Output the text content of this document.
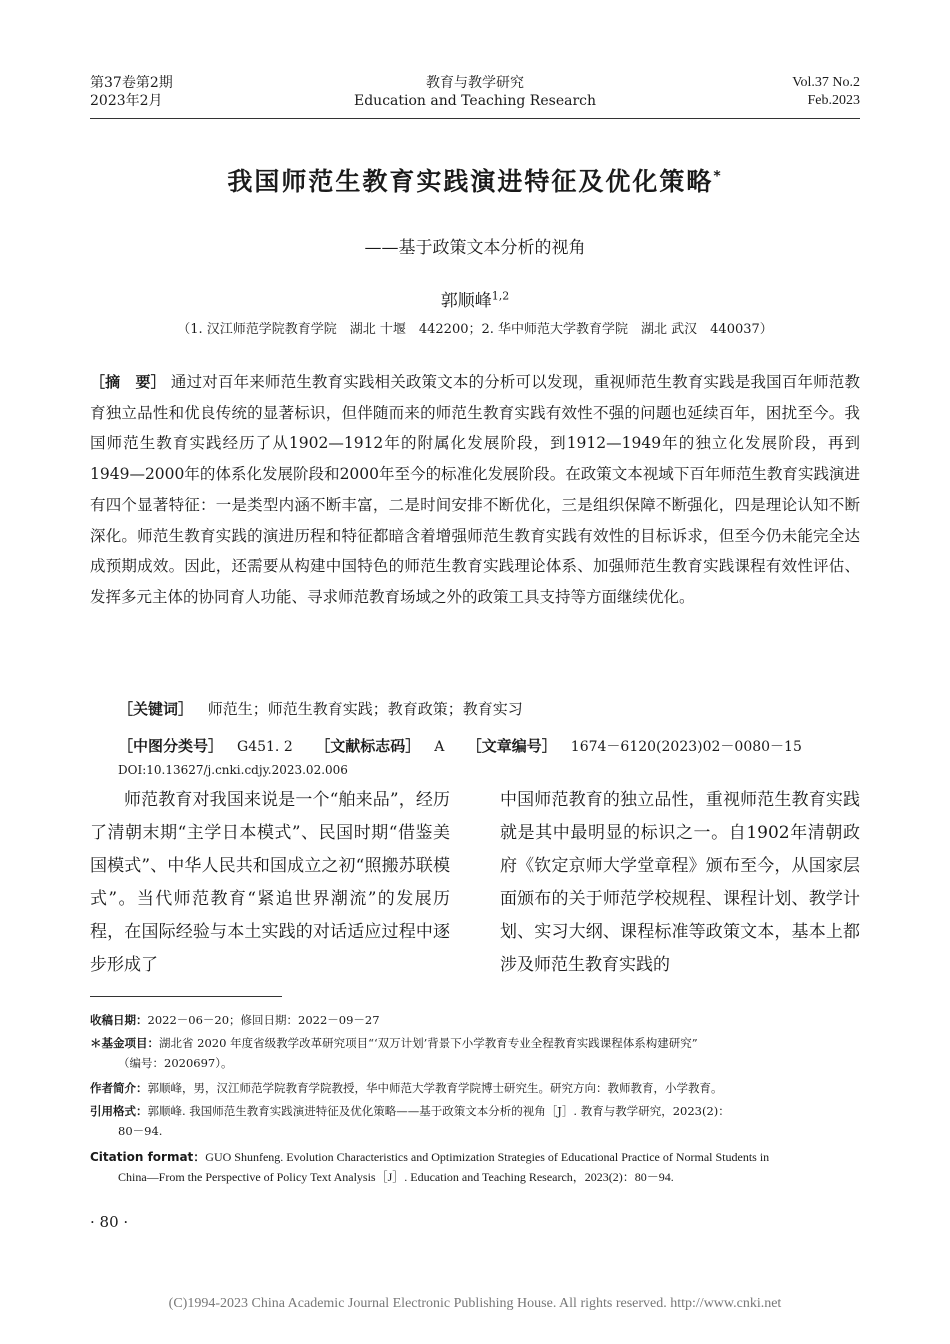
第37卷第2期
2023年2月
教育与教学研究
Education and Teaching Research
Vol.37 No.2
Feb.2023
我国师范生教育实践演进特征及优化策略*
——基于政策文本分析的视角
郭顺峰$^{1,2}$
（1. 汉江师范学院教育学院　湖北 十堰　442200；2. 华中师范大学教育学院　湖北 武汉　440037）
［摘　要］ 通过对百年来师范生教育实践相关政策文本的分析可以发现，重视师范生教育实践是我国百年师范教育独立品性和优良传统的显著标识，但伴随而来的师范生教育实践有效性不强的问题也延续百年，困扰至今。我国师范生教育实践经历了从1902—1912年的附属化发展阶段，到1912—1949年的独立化发展阶段，再到1949—2000年的体系化发展阶段和2000年至今的标准化发展阶段。在政策文本视域下百年师范生教育实践演进有四个显著特征：一是类型内涵不断丰富，二是时间安排不断优化，三是组织保障不断强化，四是理论认知不断深化。师范生教育实践的演进历程和特征都暗含着增强师范生教育实践有效性的目标诉求，但至今仍未能完全达成预期成效。因此，还需要从构建中国特色的师范生教育实践理论体系、加强师范生教育实践课程有效性评估、发挥多元主体的协同育人功能、寻求师范教育场域之外的政策工具支持等方面继续优化。
［关键词］ 师范生；师范生教育实践；教育政策；教育实习
［中图分类号］ G451. 2 ［文献标志码］ A ［文章编号］ 1674－6120(2023)02－0080－15
DOI:10.13627/j.cnki.cdjy.2023.02.006
师范教育对我国来说是一个“舶来品”，经历了清朝末期“主学日本模式”、民国时期“借鉴美国模式”、中华人民共和国成立之初“照搬苏联模式”。当代师范教育“紧追世界潮流”的发展历程，在国际经验与本土实践的对话适应过程中逐步形成了
中国师范教育的独立品性，重视师范生教育实践就是其中最明显的标识之一。自1902年清朝政府《钦定京师大学堂章程》颁布至今，从国家层面颁布的关于师范学校规程、课程计划、教学计划、实习大纲、课程标准等政策文本，基本上都涉及师范生教育实践的
收稿日期：2022－06－20；修回日期：2022－09－27
＊基金项目：湖北省 2020 年度省级教学改革研究项目“‘双万计划’背景下小学教育专业全程教育实践课程体系构建研究”
（编号：2020697）。
作者简介：郭顺峰，男，汉江师范学院教育学院教授，华中师范大学教育学院博士研究生。研究方向：教师教育，小学教育。
引用格式：郭顺峰. 我国师范生教育实践演进特征及优化策略——基于政策文本分析的视角［J］. 教育与教学研究，2023(2)：
80－94.
Citation format：GUO Shunfeng. Evolution Characteristics and Optimization Strategies of Educational Practice of Normal Students in
China—From the Perspective of Policy Text Analysis［J］. Education and Teaching Research，2023(2)：80－94.
· 80 ·
(C)1994-2023 China Academic Journal Electronic Publishing House. All rights reserved. http://www.cnki.net
